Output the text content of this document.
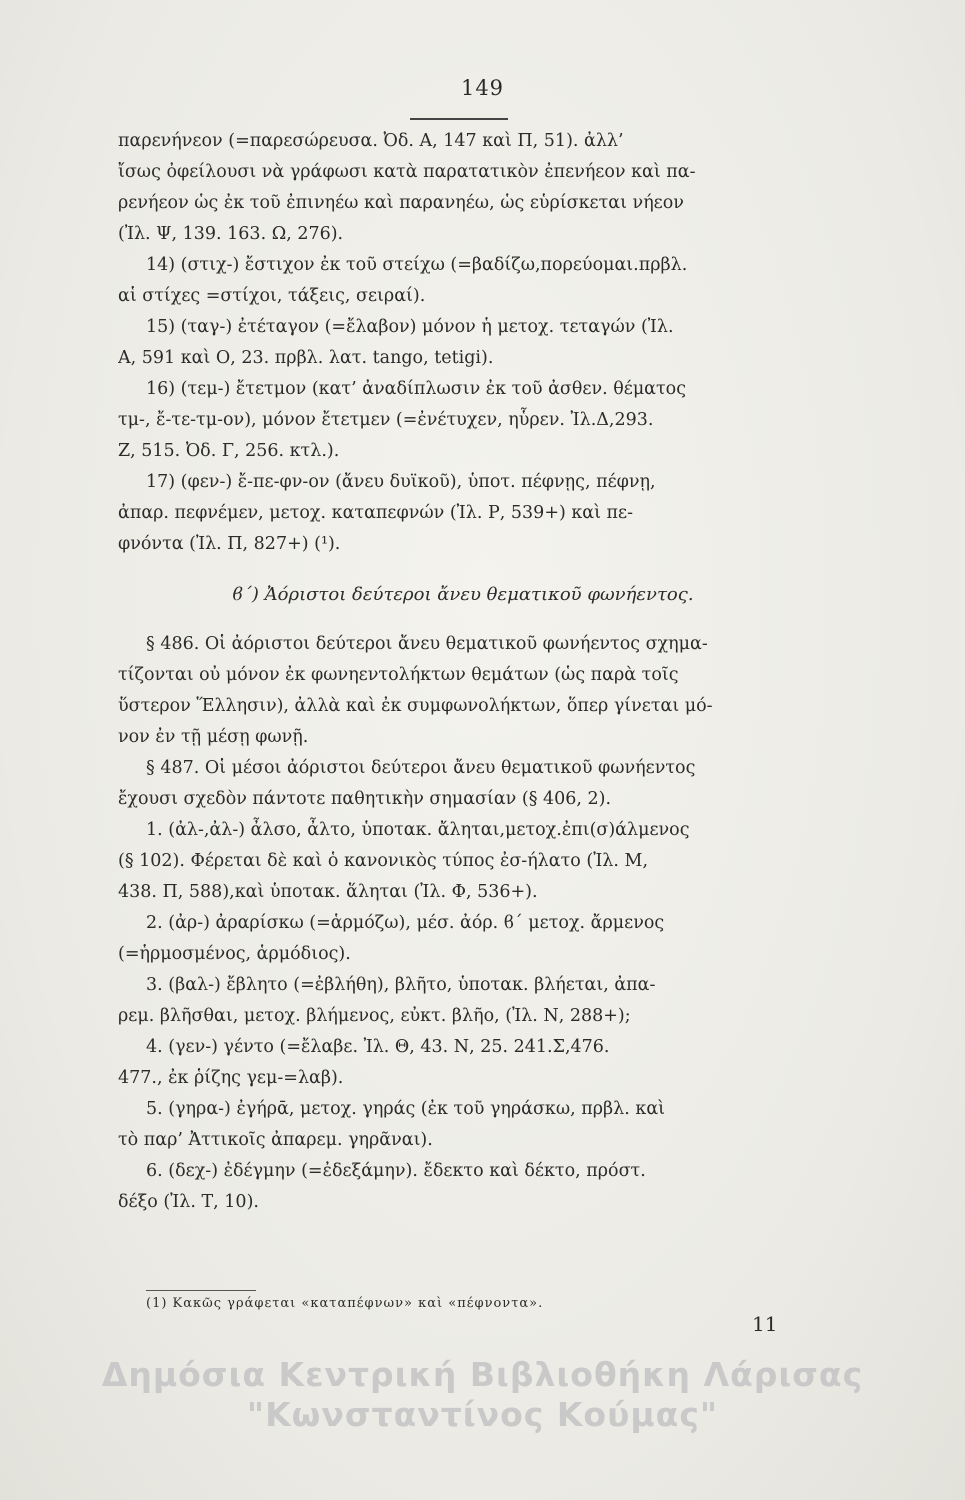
149

παρενήνεον (=παρεσώρευσα. Ὀδ. Α, 147 καὶ Π, 51). ἀλλ’
ἴσως ὀφείλουσι νὰ γράφωσι κατὰ παρατατικὸν ἐπενήεον καὶ πα-
ρενήεον ὡς ἐκ τοῦ ἐπινηέω καὶ παρανηέω, ὡς εὑρίσκεται νήεον
(Ἰλ. Ψ, 139. 163. Ω, 276).

14) (στιχ-) ἔστιχον ἐκ τοῦ στείχω (=βαδίζω,πορεύομαι.πρβλ.
αἱ στίχες =στίχοι, τάξεις, σειραί).

15) (ταγ-) ἐτέταγον (=ἔλαβον) μόνον ἡ μετοχ. τεταγών (Ἰλ.
Α, 591 καὶ Ο, 23. πρβλ. λατ. tango, tetigi).

16) (τεμ-) ἔτετμον (κατ’ ἀναδίπλωσιν ἐκ τοῦ ἀσθεν. θέματος
τμ-, ἔ-τε-τμ-ον), μόνον ἔτετμεν (=ἐνέτυχεν, ηὗρεν. Ἰλ.Δ,293.
Ζ, 515. Ὀδ. Γ, 256. κτλ.).

17) (φεν-) ἔ-πε-φν-ον (ἄνευ δυϊκοῦ), ὑποτ. πέφνῃς, πέφνῃ,
ἀπαρ. πεφνέμεν, μετοχ. καταπεφνών (Ἰλ. Ρ, 539+) καὶ πε-
φνόντα (Ἰλ. Π, 827+) (¹).

ϐ΄) Ἀόριστοι δεύτεροι ἄνευ θεματικοῦ φωνήεντος.

§ 486. Οἱ ἀόριστοι δεύτεροι ἄνευ θεματικοῦ φωνήεντος σχημα-
τίζονται οὐ μόνον ἐκ φωνηεντολήκτων θεμάτων (ὡς παρὰ τοῖς
ὕστερον Ἕλλησιν), ἀλλὰ καὶ ἐκ συμφωνολήκτων, ὅπερ γίνεται μό-
νον ἐν τῇ μέσῃ φωνῇ.

§ 487. Οἱ μέσοι ἀόριστοι δεύτεροι ἄνευ θεματικοῦ φωνήεντος
ἔχουσι σχεδὸν πάντοτε παθητικὴν σημασίαν (§ 406, 2).

1. (ἀλ-,ἀλ-) ἆλσο, ἆλτο, ὑποτακ. ἄληται,μετοχ.ἐπι(σ)άλμενος
(§ 102). Φέρεται δὲ καὶ ὁ κανονικὸς τύπος ἐσ-ήλατο (Ἰλ. Μ,
438. Π, 588),καὶ ὑποτακ. ἅληται (Ἰλ. Φ, 536+).

2. (ἀρ-) ἀραρίσκω (=ἁρμόζω), μέσ. ἀόρ. ϐ΄ μετοχ. ἄρμενος
(=ἡρμοσμένος, ἁρμόδιος).

3. (βαλ-) ἔβλητο (=ἐβλήθη), βλῆτο, ὑποτακ. βλήεται, ἀπα-
ρεμ. βλῆσθαι, μετοχ. βλήμενος, εὐκτ. βλῆο, (Ἰλ. Ν, 288+);

4. (γεν-) γέντο (=ἔλαβε. Ἰλ. Θ, 43. Ν, 25. 241.Σ,476.
477., ἐκ ῥίζης γεμ-=λαβ).

5. (γηρα-) ἐγήρᾱ, μετοχ. γηράς (ἐκ τοῦ γηράσκω, πρβλ. καὶ
τὸ παρ’ Ἀττικοῖς ἀπαρεμ. γηρᾶναι).

6. (δεχ-) ἐδέγμην (=ἐδεξάμην). ἔδεκτο καὶ δέκτο, πρόστ.
δέξο (Ἰλ. Τ, 10).

(1) Κακῶς γράφεται «καταπέφνων» καὶ «πέφνοντα».
11
Δημόσια Κεντρική Βιβλιοθήκη Λάρισας
"Κωνσταντίνος Κούμας"
